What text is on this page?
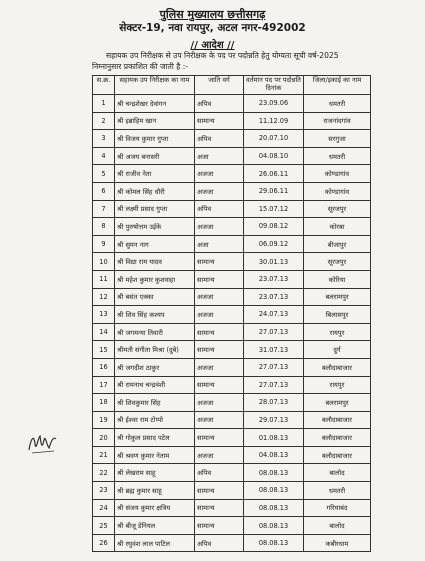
पुलिस मुख्यालय छत्तीसगढ़
सेक्टर-19, नवा रायपुर, अटल नगर-492002
// आदेश //
सहायक उप निरीक्षक से उप निरीक्षक के पद पर पदोन्नति हेतु योग्यता सूची वर्ष-2025
निम्नानुसार प्रकाशित की जाती है :-
स.क्र.	सहायक उप निरीक्षक का नाम	जाति वर्ग	वर्तमान पद पर पदोन्नति दिनांक	जिला/इकाई का नाम
1	श्री चन्द्रशेखर देवांगन	अपिव	23.09.06	धमतरी
2	श्री इब्राहिम खान	सामान्य	11.12.09	राजनांदगांव
3	श्री विजय कुमार गुप्ता	अपिव	20.07.10	सरगुजा
4	श्री अजय बनासरी	अजा	04.08.10	धमतरी
5	श्री राजीव नेता	अजजा	26.06.11	कोण्डागांव
6	श्री कोमल सिंह धौरी	अजजा	29.06.11	कोण्डागांव
7	श्री लक्ष्मी प्रसाद गुप्ता	अपिव	15.07.12	सूरजपुर
8	श्री पुरुषोत्तम उईके	अजजा	09.08.12	कोरबा
9	श्री सुमन नाग	अजा	06.09.12	बीजापुर
10	श्री विद्या राम यादव	सामान्य	30.01.13	सूरजपुर
11	श्री महेश कुमार कुशवाहा	सामान्य	23.07.13	कोरिया
12	श्री बसंत एक्का	अजजा	23.07.13	बलरामपुर
13	श्री शिव सिंह कश्यप	अजजा	24.07.13	बिलासपुर
14	श्री जगमन्या तिवारी	सामान्य	27.07.13	रायपुर
15	श्रीमती संगीता मिश्रा (दुबे)	सामान्य	31.07.13	दुर्ग
16	श्री जगदीश ठाकुर	अजजा	27.07.13	बलौदाबाजार
17	श्री रामनाथ चन्द्रवंशी	सामान्य	27.07.13	रायपुर
18	श्री शिवकुमार सिंह	अजजा	28.07.13	बलरामपुर
19	श्री ईश्वर राम टोप्पो	अजजा	29.07.13	बलौदाबाजार
20	श्री गोकुल प्रसाद पटेल	सामान्य	01.08.13	बलौदाबाजार
21	श्री श्रवण कुमार नेताम	अजजा	04.08.13	बलौदाबाजार
22	श्री लेखराम साहू	अपिव	08.08.13	बालोद
23	श्री ब्रह्म कुमार साहू	सामान्य	08.08.13	धमतरी
24	श्री संजय कुमार क्षत्रिय	सामान्य	08.08.13	गरियाबंद
25	श्री बीजू डेनियल	सामान्य	08.08.13	बालोद
26	श्री रघुवंश लाल पाटिल	अपिव	08.08.13	कबीरधाम
